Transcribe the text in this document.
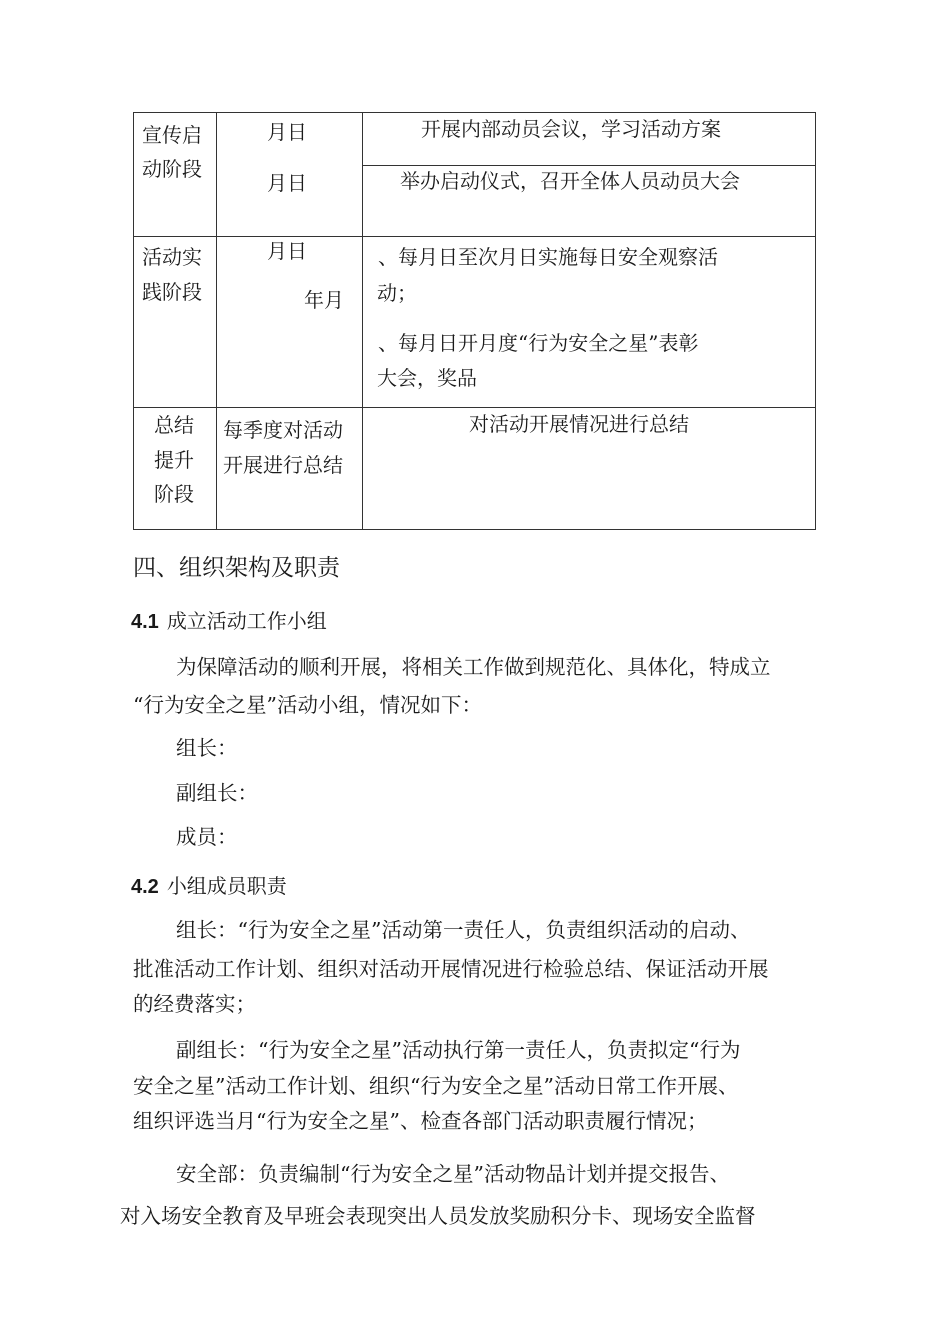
宣传启
动阶段
月日
月日
开展内部动员会议，学习活动方案
举办启动仪式，召开全体人员动员大会
活动实
践阶段
月日
年月
、每月日至次月日实施每日安全观察活
动；
、每月日开月度“行为安全之星”表彰
大会，奖品
总结
提升
阶段
每季度对活动
开展进行总结
对活动开展情况进行总结
四、组织架构及职责
4.1 成立活动工作小组
为保障活动的顺利开展，将相关工作做到规范化、具体化，特成立
“行为安全之星”活动小组，情况如下：
组长：
副组长：
成员：
4.2 小组成员职责
组长：“行为安全之星”活动第一责任人，负责组织活动的启动、
批准活动工作计划、组织对活动开展情况进行检验总结、保证活动开展
的经费落实；
副组长：“行为安全之星”活动执行第一责任人，负责拟定“行为
安全之星”活动工作计划、组织“行为安全之星”活动日常工作开展、
组织评选当月“行为安全之星”、检查各部门活动职责履行情况；
安全部：负责编制“行为安全之星”活动物品计划并提交报告、
对入场安全教育及早班会表现突出人员发放奖励积分卡、现场安全监督
